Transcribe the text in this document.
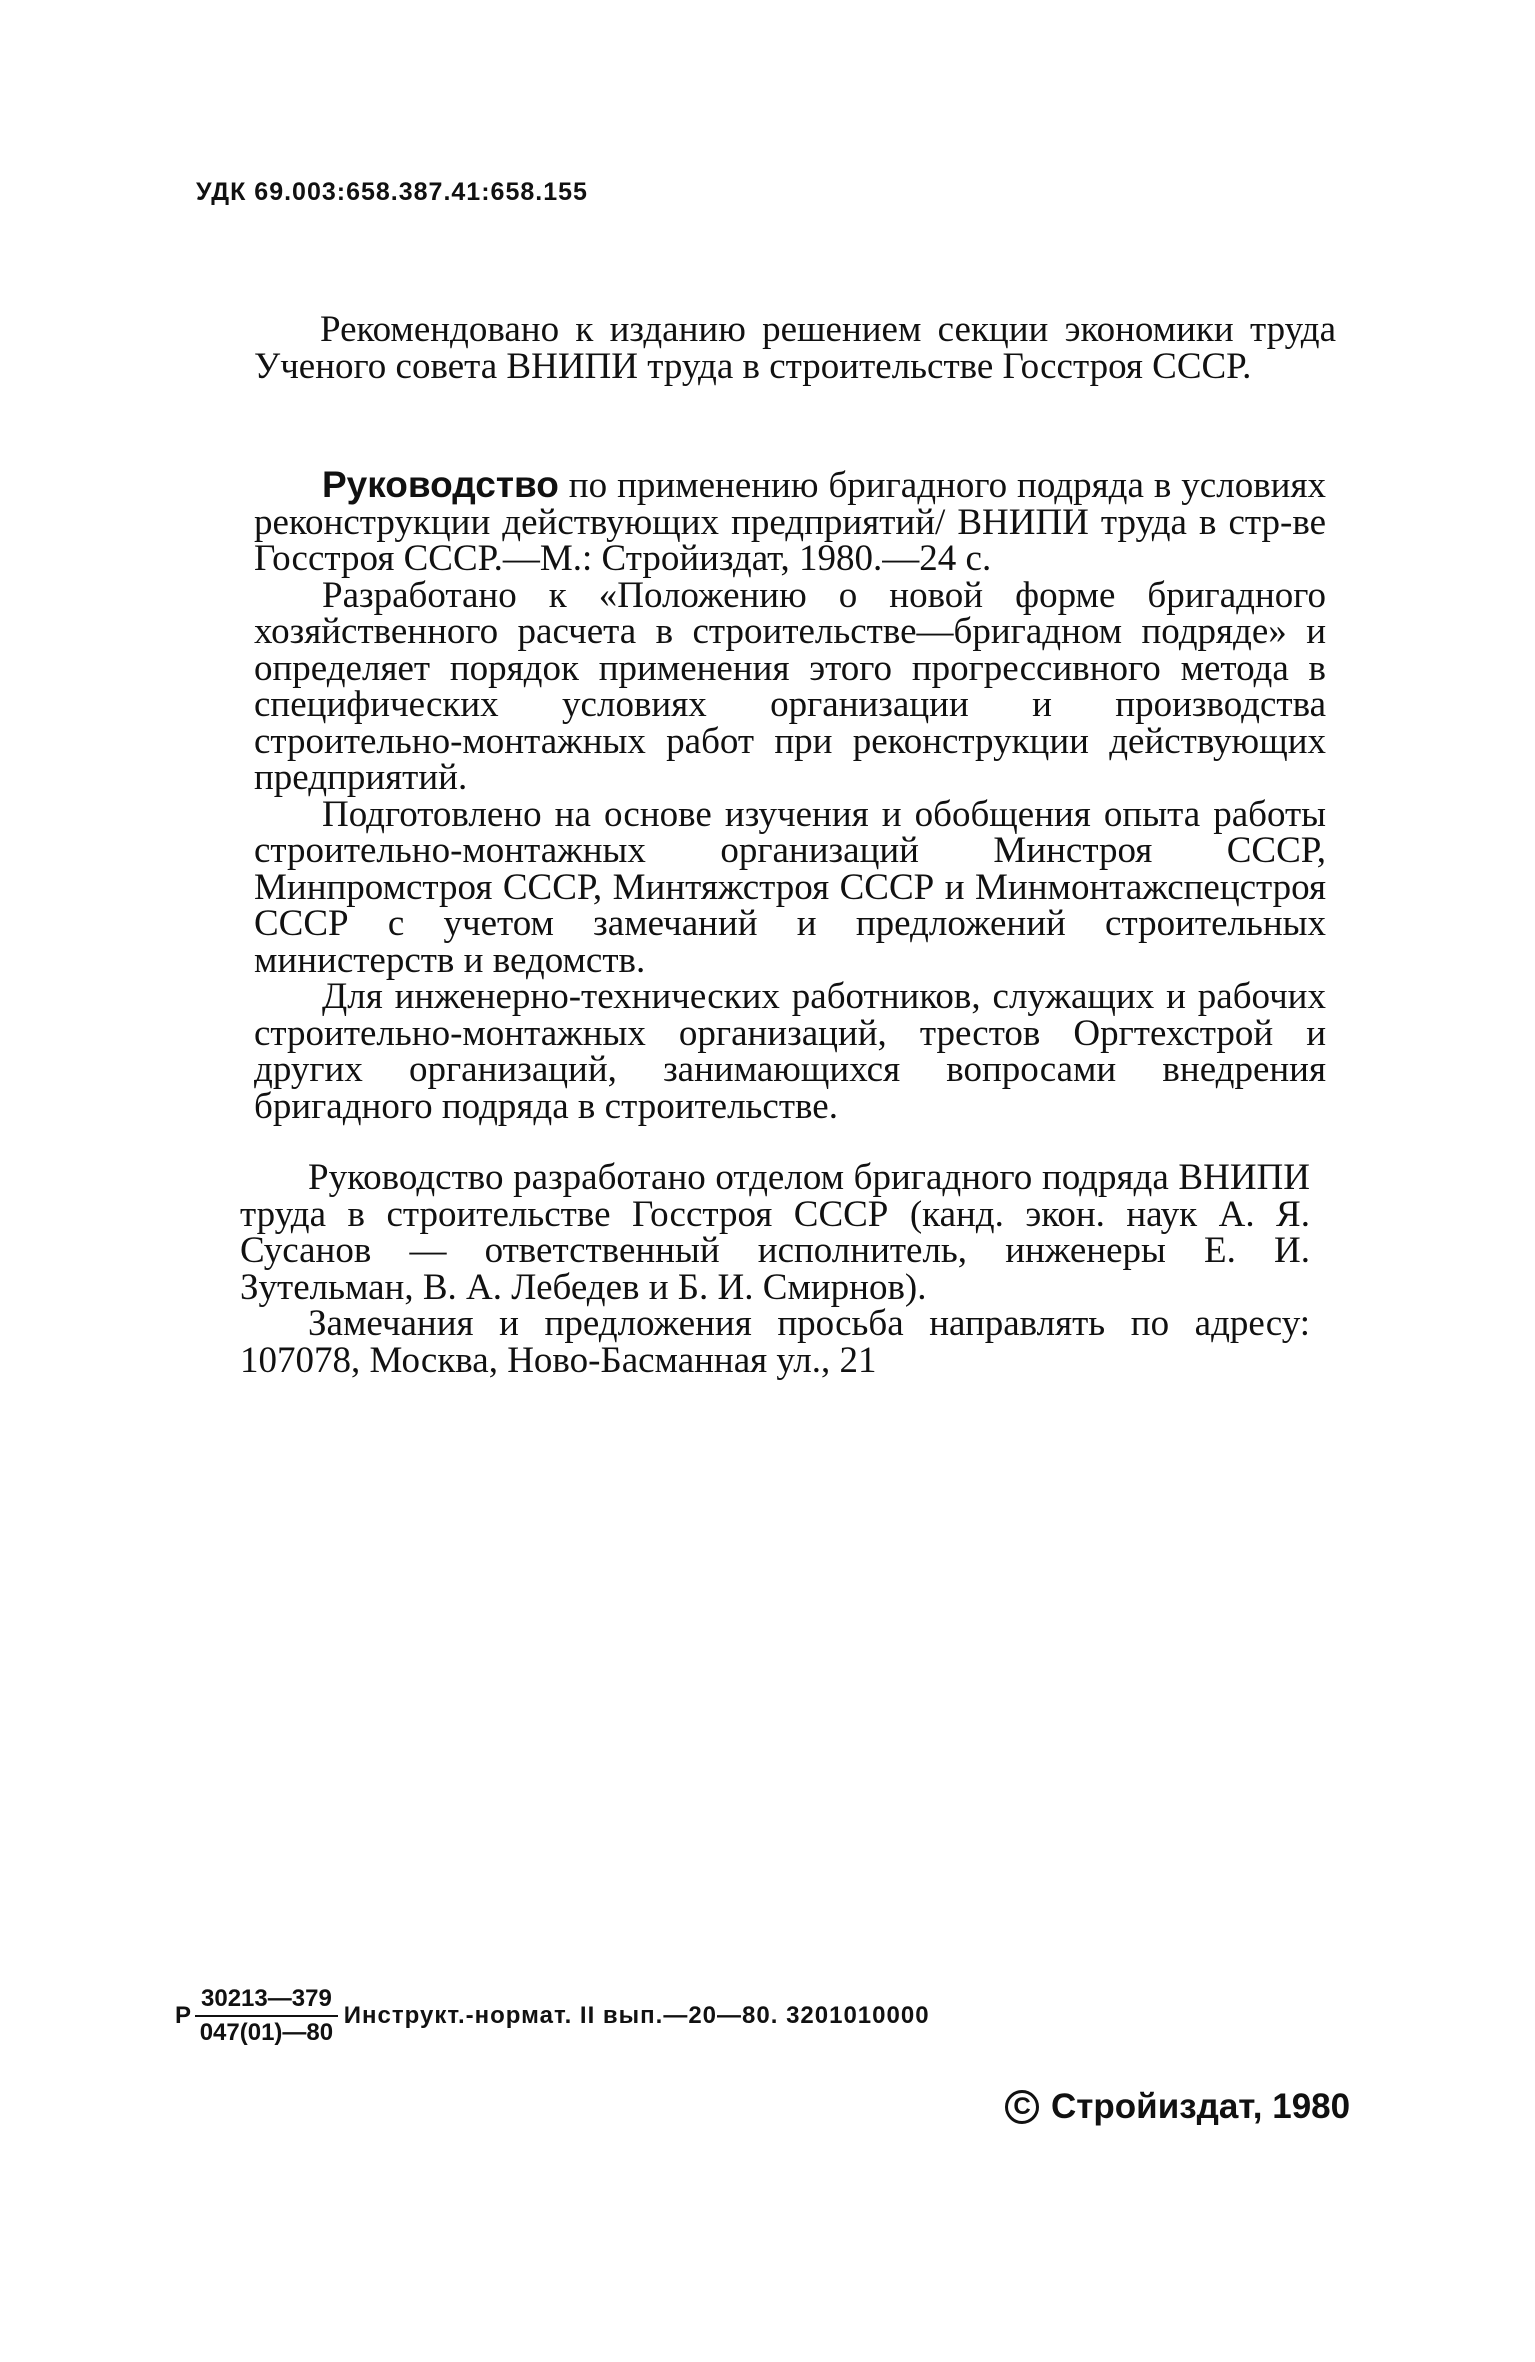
УДК 69.003:658.387.41:658.155

Рекомендовано к изданию решением секции экономики труда Ученого совета ВНИПИ труда в строительстве Госстроя СССР.

Руководство по применению бригадного подряда в условиях реконструкции действующих предприятий/ ВНИПИ труда в стр-ве Госстроя СССР.—М.: Стройиздат, 1980.—24 с.

Разработано к «Положению о новой форме бригадного хозяйственного расчета в строительстве—бригадном подряде» и определяет порядок применения этого прогрессивного метода в специфических условиях организации и производства строительно-монтажных работ при реконструкции действующих предприятий.

Подготовлено на основе изучения и обобщения опыта работы строительно-монтажных организаций Минстроя СССР, Минпромстроя СССР, Минтяжстроя СССР и Минмонтажспецстроя СССР с учетом замечаний и предложений строительных министерств и ведомств.

Для инженерно-технических работников, служащих и рабочих строительно-монтажных организаций, трестов Оргтехстрой и других организаций, занимающихся вопросами внедрения бригадного подряда в строительстве.

Руководство разработано отделом бригадного подряда ВНИПИ труда в строительстве Госстроя СССР (канд. экон. наук А. Я. Сусанов — ответственный исполнитель, инженеры Е. И. Зутельман, В. А. Лебедев и Б. И. Смирнов).

Замечания и предложения просьба направлять по адресу: 107078, Москва, Ново-Басманная ул., 21

Р $\frac{30213—379}{047(01)—80}$ Инструкт.-нормат. II вып.—20—80. 3201010000
C Стройиздат, 1980
